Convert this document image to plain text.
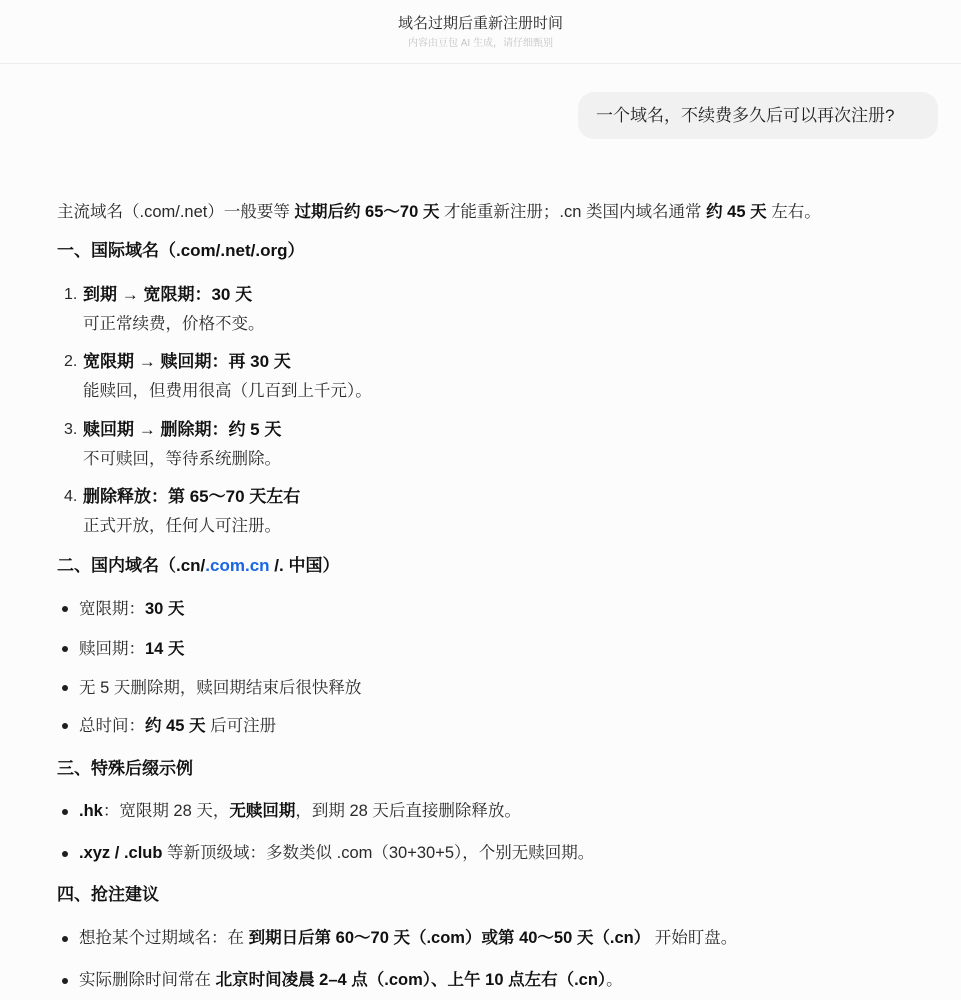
域名过期后重新注册时间
内容由豆包 AI 生成，请仔细甄别
一个域名，不续费多久后可以再次注册?
主流域名（.com/.net）一般要等 过期后约 65～70 天 才能重新注册；.cn 类国内域名通常 约 45 天 左右。
一、国际域名（.com/.net/.org）
1. 到期 → 宽限期：30 天
可正常续费，价格不变。
2. 宽限期 → 赎回期：再 30 天
能赎回，但费用很高（几百到上千元）。
3. 赎回期 → 删除期：约 5 天
不可赎回，等待系统删除。
4. 删除释放：第 65～70 天左右
正式开放，任何人可注册。
二、国内域名（.cn/.com.cn /. 中国）
宽限期：30 天
赎回期：14 天
无 5 天删除期，赎回期结束后很快释放
总时间：约 45 天 后可注册
三、特殊后缀示例
.hk：宽限期 28 天，无赎回期，到期 28 天后直接删除释放。
.xyz / .club 等新顶级域：多数类似 .com（30+30+5），个别无赎回期。
四、抢注建议
想抢某个过期域名：在 到期日后第 60～70 天（.com）或第 40～50 天（.cn） 开始盯盘。
实际删除时间常在 北京时间凌晨 2–4 点（.com）、上午 10 点左右（.cn）。
